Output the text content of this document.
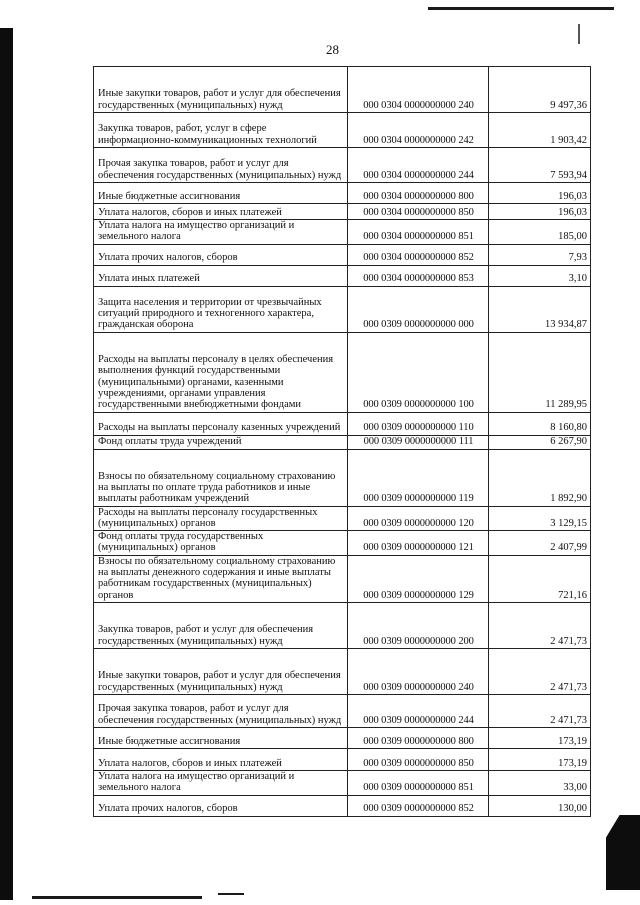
28
Иные закупки товаров, работ и услуг для обеспечения государственных (муниципальных) нужд	000 0304 0000000000 240	9 497,36
Закупка товаров, работ, услуг в сфере информационно-коммуникационных технологий	000 0304 0000000000 242	1 903,42
Прочая закупка товаров, работ и услуг для обеспечения государственных (муниципальных) нужд	000 0304 0000000000 244	7 593,94
Иные бюджетные ассигнования	000 0304 0000000000 800	196,03
Уплата налогов, сборов и иных платежей	000 0304 0000000000 850	196,03
Уплата налога на имущество организаций и земельного налога	000 0304 0000000000 851	185,00
Уплата прочих налогов, сборов	000 0304 0000000000 852	7,93
Уплата иных платежей	000 0304 0000000000 853	3,10
Защита населения и территории от чрезвычайных ситуаций природного и техногенного характера, гражданская оборона	000 0309 0000000000 000	13 934,87
Расходы на выплаты персоналу в целях обеспечения выполнения функций государственными (муниципальными) органами, казенными учреждениями, органами управления государственными внебюджетными фондами	000 0309 0000000000 100	11 289,95
Расходы на выплаты персоналу казенных учреждений	000 0309 0000000000 110	8 160,80
Фонд оплаты труда учреждений	000 0309 0000000000 111	6 267,90
Взносы по обязательному социальному страхованию на выплаты по оплате труда работников и иные выплаты работникам учреждений	000 0309 0000000000 119	1 892,90
Расходы на выплаты персоналу государственных (муниципальных) органов	000 0309 0000000000 120	3 129,15
Фонд оплаты труда государственных (муниципальных) органов	000 0309 0000000000 121	2 407,99
Взносы по обязательному социальному страхованию на выплаты денежного содержания и иные выплаты работникам государственных (муниципальных) органов	000 0309 0000000000 129	721,16
Закупка товаров, работ и услуг для обеспечения государственных (муниципальных) нужд	000 0309 0000000000 200	2 471,73
Иные закупки товаров, работ и услуг для обеспечения государственных (муниципальных) нужд	000 0309 0000000000 240	2 471,73
Прочая закупка товаров, работ и услуг для обеспечения государственных (муниципальных) нужд	000 0309 0000000000 244	2 471,73
Иные бюджетные ассигнования	000 0309 0000000000 800	173,19
Уплата налогов, сборов и иных платежей	000 0309 0000000000 850	173,19
Уплата налога на имущество организаций и земельного налога	000 0309 0000000000 851	33,00
Уплата прочих налогов, сборов	000 0309 0000000000 852	130,00
